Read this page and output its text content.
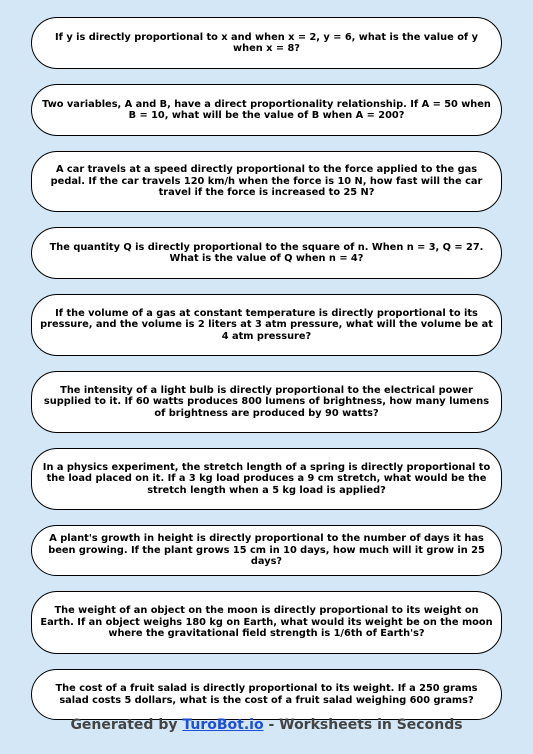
If y is directly proportional to x and when x = 2, y = 6, what is the value of y when x = 8?
Two variables, A and B, have a direct proportionality relationship. If A = 50 when B = 10, what will be the value of B when A = 200?
A car travels at a speed directly proportional to the force applied to the gas pedal. If the car travels 120 km/h when the force is 10 N, how fast will the car travel if the force is increased to 25 N?
The quantity Q is directly proportional to the square of n. When n = 3, Q = 27. What is the value of Q when n = 4?
If the volume of a gas at constant temperature is directly proportional to its pressure, and the volume is 2 liters at 3 atm pressure, what will the volume be at 4 atm pressure?
The intensity of a light bulb is directly proportional to the electrical power supplied to it. If 60 watts produces 800 lumens of brightness, how many lumens of brightness are produced by 90 watts?
In a physics experiment, the stretch length of a spring is directly proportional to the load placed on it. If a 3 kg load produces a 9 cm stretch, what would be the stretch length when a 5 kg load is applied?
A plant's growth in height is directly proportional to the number of days it has been growing. If the plant grows 15 cm in 10 days, how much will it grow in 25 days?
The weight of an object on the moon is directly proportional to its weight on Earth. If an object weighs 180 kg on Earth, what would its weight be on the moon where the gravitational field strength is 1/6th of Earth's?
The cost of a fruit salad is directly proportional to its weight. If a 250 grams salad costs 5 dollars, what is the cost of a fruit salad weighing 600 grams?
Generated by TuroBot.io - Worksheets in Seconds
